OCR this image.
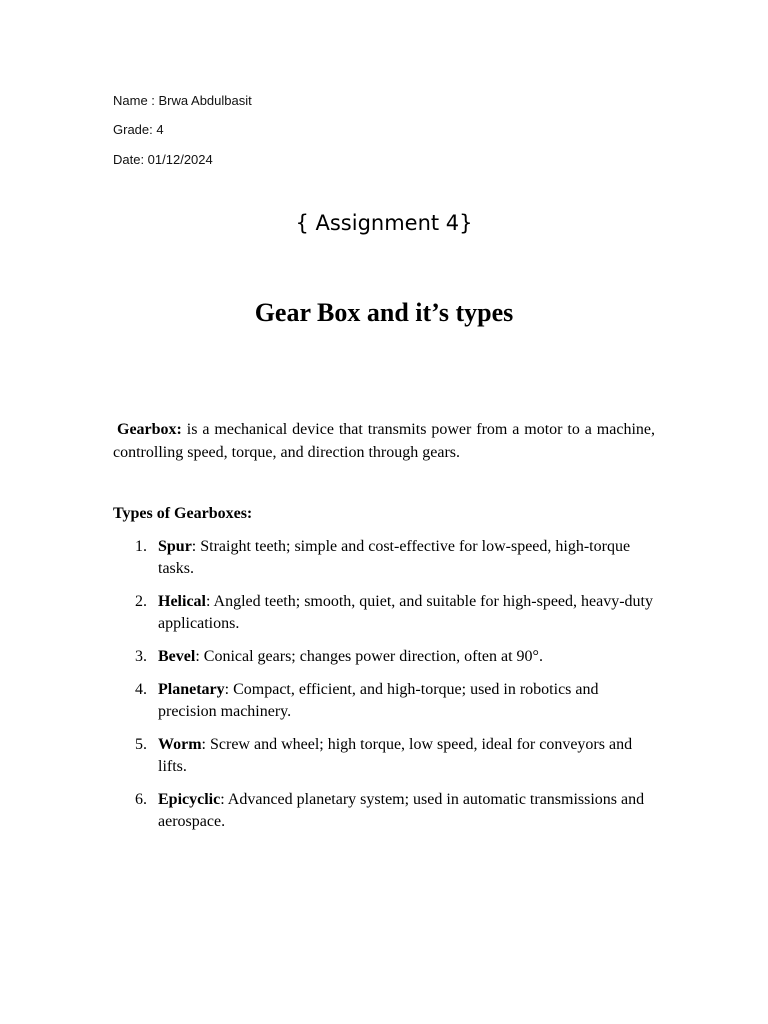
Name : Brwa Abdulbasit
Grade: 4
Date: 01/12/2024
{ Assignment 4}
Gear Box and it’s types

Gearbox: is a mechanical device that transmits power from a motor to a machine, controlling speed, torque, and direction through gears.

Types of Gearboxes:
1. Spur: Straight teeth; simple and cost-effective for low-speed, high-torque tasks.
2. Helical: Angled teeth; smooth, quiet, and suitable for high-speed, heavy-duty applications.
3. Bevel: Conical gears; changes power direction, often at 90°.
4. Planetary: Compact, efficient, and high-torque; used in robotics and precision machinery.
5. Worm: Screw and wheel; high torque, low speed, ideal for conveyors and lifts.
6. Epicyclic: Advanced planetary system; used in automatic transmissions and aerospace.
